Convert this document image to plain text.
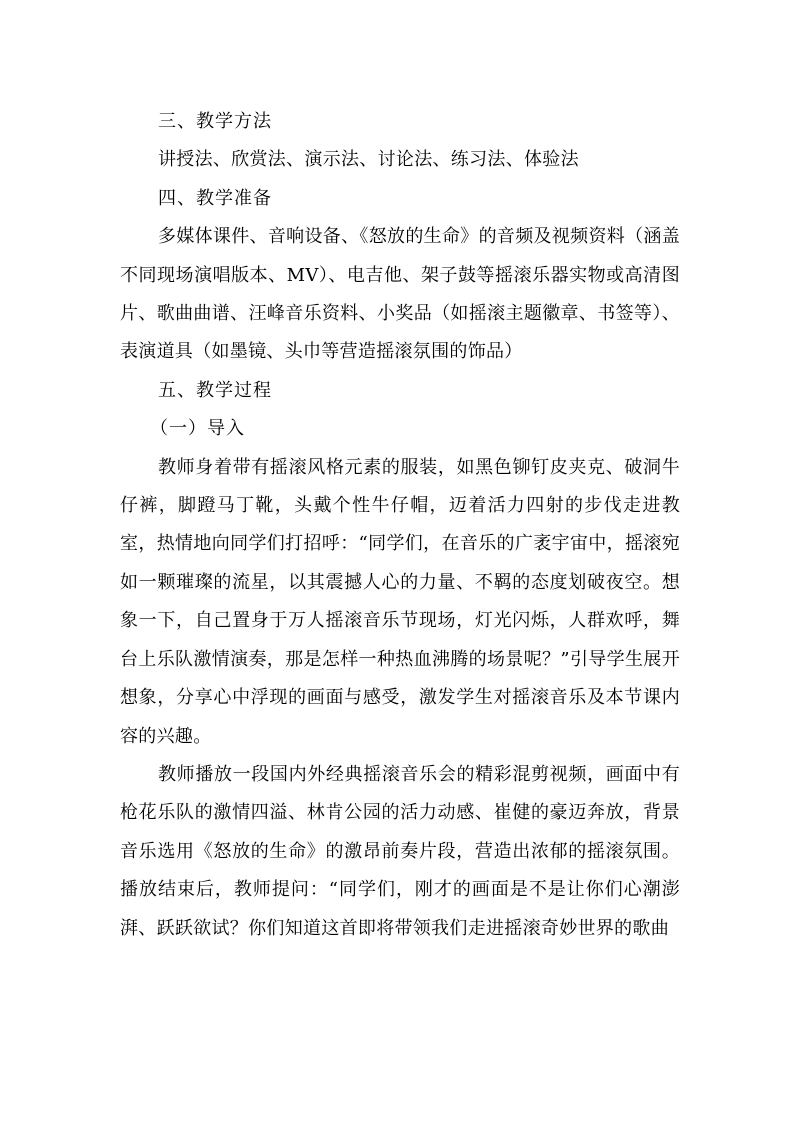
三、教学方法

讲授法、欣赏法、演示法、讨论法、练习法、体验法

四、教学准备

多媒体课件、音响设备、《怒放的生命》的音频及视频资料（涵盖不同现场演唱版本、MV）、电吉他、架子鼓等摇滚乐器实物或高清图片、歌曲曲谱、汪峰音乐资料、小奖品（如摇滚主题徽章、书签等）、表演道具（如墨镜、头巾等营造摇滚氛围的饰品）

五、教学过程

（一）导入

教师身着带有摇滚风格元素的服装，如黑色铆钉皮夹克、破洞牛仔裤，脚蹬马丁靴，头戴个性牛仔帽，迈着活力四射的步伐走进教室，热情地向同学们打招呼：“同学们，在音乐的广袤宇宙中，摇滚宛如一颗璀璨的流星，以其震撼人心的力量、不羁的态度划破夜空。想象一下，自己置身于万人摇滚音乐节现场，灯光闪烁，人群欢呼，舞台上乐队激情演奏，那是怎样一种热血沸腾的场景呢？”引导学生展开想象，分享心中浮现的画面与感受，激发学生对摇滚音乐及本节课内容的兴趣。

教师播放一段国内外经典摇滚音乐会的精彩混剪视频，画面中有枪花乐队的激情四溢、林肯公园的活力动感、崔健的豪迈奔放，背景音乐选用《怒放的生命》的激昂前奏片段，营造出浓郁的摇滚氛围。播放结束后，教师提问：“同学们，刚才的画面是不是让你们心潮澎湃、跃跃欲试？你们知道这首即将带领我们走进摇滚奇妙世界的歌曲
